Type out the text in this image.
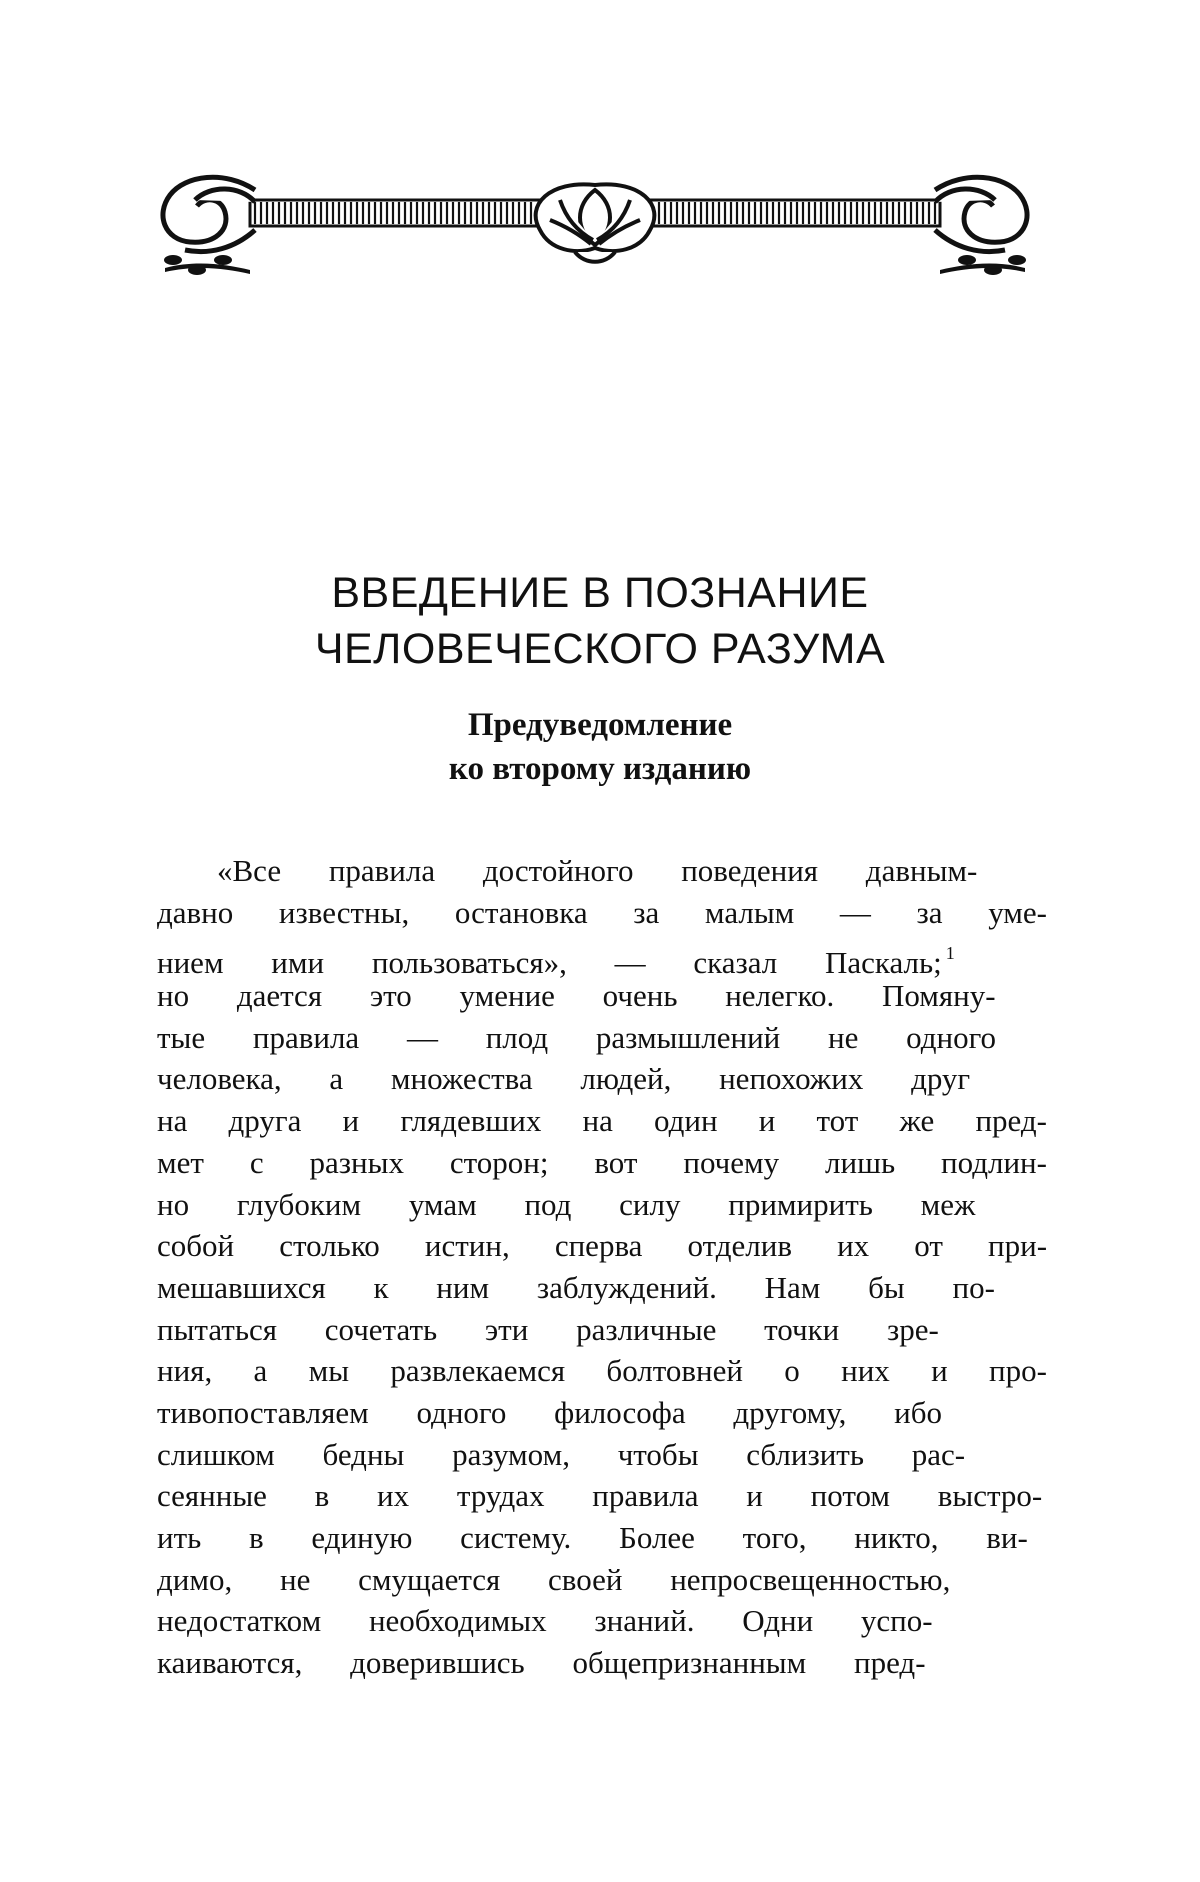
ВВЕДЕНИЕ В ПОЗНАНИЕ
ЧЕЛОВЕЧЕСКОГО РАЗУМА
Предуведомление
ко второму изданию
«Все правила достойного поведения давным-
давно известны, остановка за малым — за уме-
нием ими пользоваться», — сказал Паскаль; $^1$
но дается это умение очень нелегко. Помяну-
тые правила — плод размышлений не одного
человека, а множества людей, непохожих друг
на друга и глядевших на один и тот же пред-
мет с разных сторон; вот почему лишь подлин-
но глубоким умам под силу примирить меж
собой столько истин, сперва отделив их от при-
мешавшихся к ним заблуждений. Нам бы по-
пытаться сочетать эти различные точки зре-
ния, а мы развлекаемся болтовней о них и про-
тивопоставляем одного философа другому, ибо
слишком бедны разумом, чтобы сблизить рас-
сеянные в их трудах правила и потом выстро-
ить в единую систему. Более того, никто, ви-
димо, не смущается своей непросвещенностью,
недостатком необходимых знаний. Одни успо-
каиваются, доверившись общепризнанным пред-
